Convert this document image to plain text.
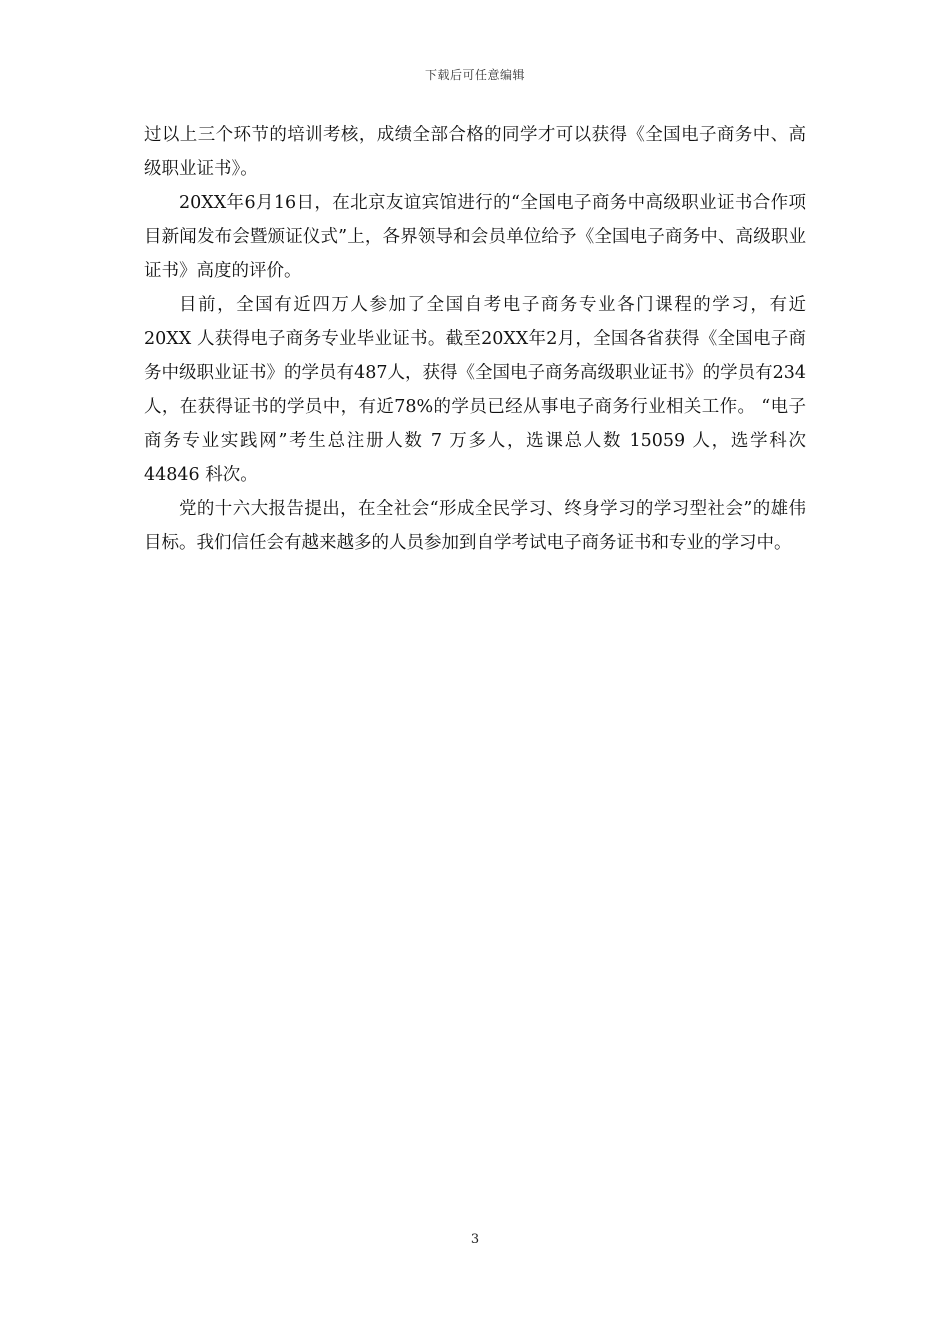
下载后可任意编辑

过以上三个环节的培训考核，成绩全部合格的同学才可以获得《全国电子商务中、高级职业证书》。

20XX年6月16日，在北京友谊宾馆进行的“全国电子商务中高级职业证书合作项目新闻发布会暨颁证仪式”上，各界领导和会员单位给予《全国电子商务中、高级职业证书》高度的评价。

目前，全国有近四万人参加了全国自考电子商务专业各门课程的学习，有近 20XX 人获得电子商务专业毕业证书。截至20XX年2月，全国各省获得《全国电子商务中级职业证书》的学员有487人，获得《全国电子商务高级职业证书》的学员有234人，在获得证书的学员中，有近78%的学员已经从事电子商务行业相关工作。 “电子商务专业实践网”考生总注册人数 7 万多人，选课总人数 15059 人，选学科次 44846 科次。

党的十六大报告提出，在全社会“形成全民学习、终身学习的学习型社会”的雄伟目标。我们信任会有越来越多的人员参加到自学考试电子商务证书和专业的学习中。

3
